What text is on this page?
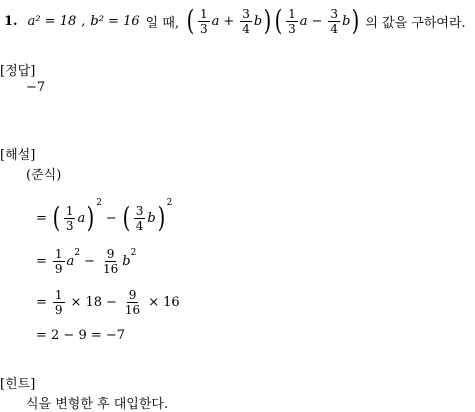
1. a² = 18 , b² = 16 일 때, ( $\frac{1}{3}$ $a + \frac{3}{4}$ b ) ( $\frac{1}{3}$ $a - \frac{3}{4}$ b ) 의 값을 구하여라.
[정답]
−7
[해설]
(준식)
= ( $\frac{1}{3}$ a )$^2$
− ( $\frac{3}{4}$ b )$^2$
= $\frac{1}{9}$ a
$^2$
− $\frac{9}{16}$ b
$^2$
= $\frac{1}{9} \times 18 - \frac{9}{16} \times 16$
= 2 − 9 = −7
[힌트]
식을 변형한 후 대입한다.
